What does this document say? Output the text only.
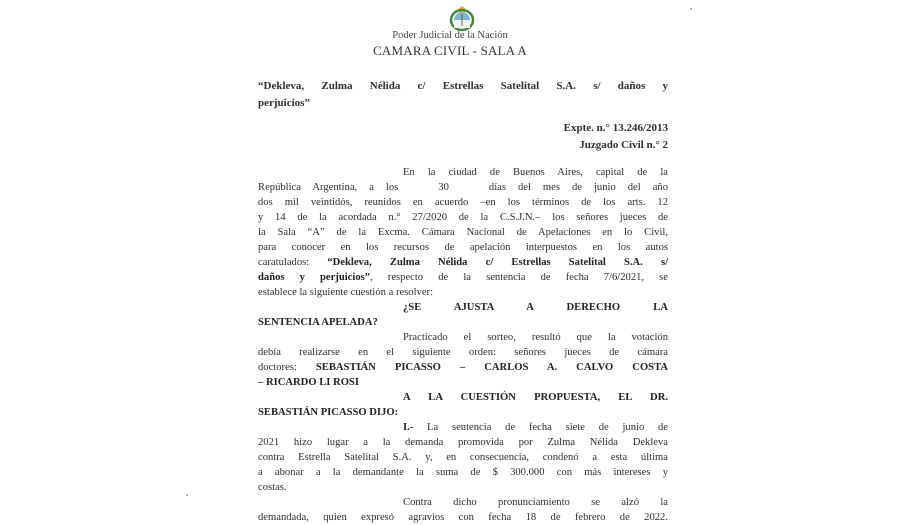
Poder Judicial de la Nación
CAMARA CIVIL - SALA A
“Dekleva, Zulma Nélida c/ Estrellas Satelital S.A. s/ daños y
perjuicios”
Expte. n.° 13.246/2013
Juzgado Civil n.° 2
En la ciudad de Buenos Aires, capital de la
República Argentina, a los	30	días del mes de junio del año
dos mil veintidós, reunidos en acuerdo –en los términos de los arts. 12
y 14 de la acordada n.° 27/2020 de la C.S.J.N.– los señores jueces de
la Sala “A” de la Excma. Cámara Nacional de Apelaciones en lo Civil,
para conocer en los recursos de apelación interpuestos en los autos
caratulados: “Dekleva, Zulma Nélida c/ Estrellas Satelital S.A. s/
daños y perjuicios”, respecto de la sentencia de fecha 7/6/2021, se
establece la siguiente cuestión a resolver:
¿SE AJUSTA A DERECHO LA
SENTENCIA APELADA?
Practicado el sorteo, resultó que la votación
debía realizarse en el siguiente orden: señores jueces de cámara
doctores: SEBASTIÁN PICASSO – CARLOS A. CALVO COSTA
– RICARDO LI ROSI
A LA CUESTIÓN PROPUESTA, EL DR.
SEBASTIÁN PICASSO DIJO:
I.- La sentencia de fecha siete de junio de
2021 hizo lugar a la demanda promovida por Zulma Nélida Dekleva
contra Estrella Satelital S.A. y, en consecuencia, condenó a esta última
a abonar a la demandante la suma de $ 300.000 con más intereses y
costas.
Contra dicho pronunciamiento se alzó la
demandada, quien expresó agravios con fecha 18 de febrero de 2022.
